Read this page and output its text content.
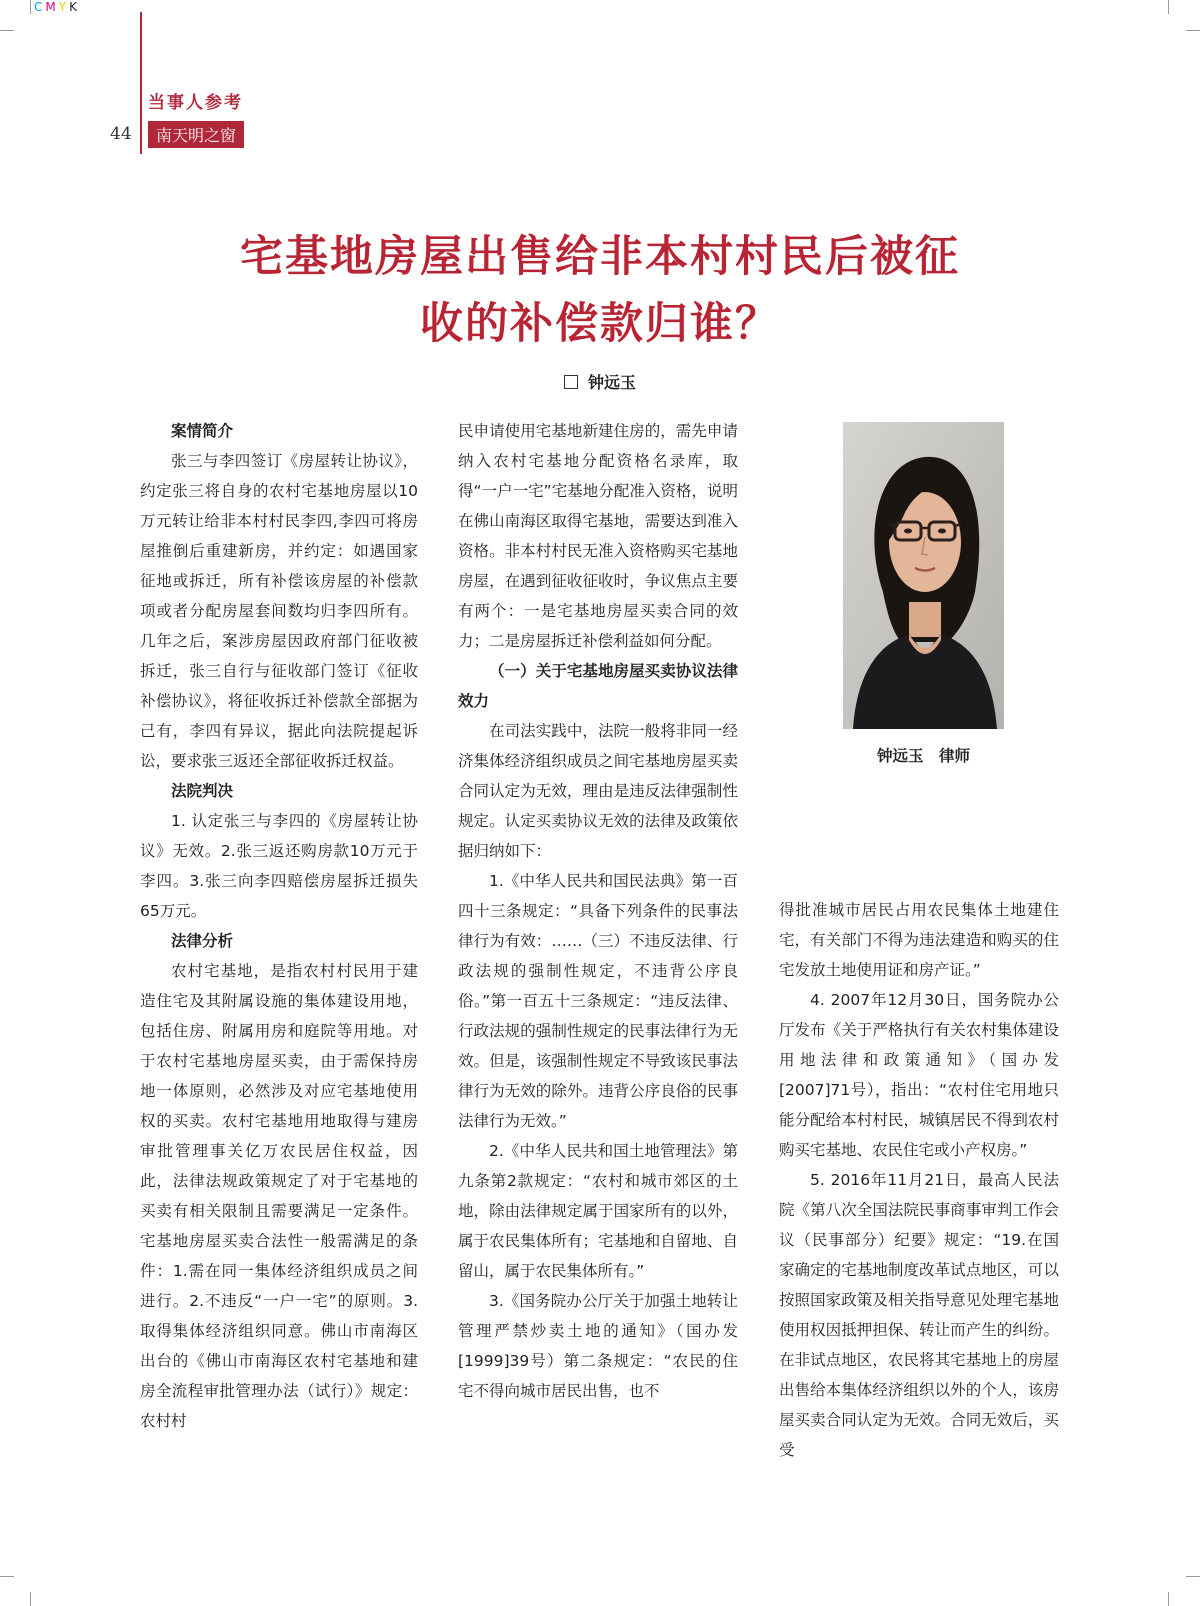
CMYK
当事人参考
44	南天明之窗
宅基地房屋出售给非本村村民后被征
收的补偿款归谁？
钟远玉
案情简介

张三与李四签订《房屋转让协议》，约定张三将自身的农村宅基地房屋以10万元转让给非本村村民李四,李四可将房屋推倒后重建新房，并约定：如遇国家征地或拆迁，所有补偿该房屋的补偿款项或者分配房屋套间数均归李四所有。几年之后，案涉房屋因政府部门征收被拆迁，张三自行与征收部门签订《征收补偿协议》，将征收拆迁补偿款全部据为己有，李四有异议，据此向法院提起诉讼，要求张三返还全部征收拆迁权益。

法院判决

1. 认定张三与李四的《房屋转让协议》无效。2.张三返还购房款10万元于李四。3.张三向李四赔偿房屋拆迁损失65万元。

法律分析

农村宅基地，是指农村村民用于建造住宅及其附属设施的集体建设用地，包括住房、附属用房和庭院等用地。对于农村宅基地房屋买卖，由于需保持房地一体原则，必然涉及对应宅基地使用权的买卖。农村宅基地用地取得与建房审批管理事关亿万农民居住权益，因此，法律法规政策规定了对于宅基地的买卖有相关限制且需要满足一定条件。宅基地房屋买卖合法性一般需满足的条件：1.需在同一集体经济组织成员之间进行。2.不违反“一户一宅”的原则。3.取得集体经济组织同意。佛山市南海区出台的《佛山市南海区农村宅基地和建房全流程审批管理办法（试行）》规定：农村村

民申请使用宅基地新建住房的，需先申请纳入农村宅基地分配资格名录库，取得“一户一宅”宅基地分配准入资格，说明在佛山南海区取得宅基地，需要达到准入资格。非本村村民无准入资格购买宅基地房屋，在遇到征收征收时，争议焦点主要有两个：一是宅基地房屋买卖合同的效力；二是房屋拆迁补偿利益如何分配。

（一）关于宅基地房屋买卖协议法律效力

在司法实践中，法院一般将非同一经济集体经济组织成员之间宅基地房屋买卖合同认定为无效，理由是违反法律强制性规定。认定买卖协议无效的法律及政策依据归纳如下：

1.《中华人民共和国民法典》第一百四十三条规定：“具备下列条件的民事法律行为有效：……（三）不违反法律、行政法规的强制性规定，不违背公序良俗。”第一百五十三条规定：“违反法律、行政法规的强制性规定的民事法律行为无效。但是，该强制性规定不导致该民事法律行为无效的除外。违背公序良俗的民事法律行为无效。”

2.《中华人民共和国土地管理法》第九条第2款规定：“农村和城市郊区的土地，除由法律规定属于国家所有的以外，属于农民集体所有；宅基地和自留地、自留山，属于农民集体所有。”

3.《国务院办公厅关于加强土地转让管理严禁炒卖土地的通知》（国办发[1999]39号）第二条规定：“农民的住宅不得向城市居民出售，也不

得批准城市居民占用农民集体土地建住宅，有关部门不得为违法建造和购买的住宅发放土地使用证和房产证。”

4. 2007年12月30日，国务院办公厅发布《关于严格执行有关农村集体建设用地法律和政策通知》（国办发[2007]71号），指出：“农村住宅用地只能分配给本村村民，城镇居民不得到农村购买宅基地、农民住宅或小产权房。”

5. 2016年11月21日，最高人民法院《第八次全国法院民事商事审判工作会议（民事部分）纪要》规定：“19.在国家确定的宅基地制度改革试点地区，可以按照国家政策及相关指导意见处理宅基地使用权因抵押担保、转让而产生的纠纷。在非试点地区，农民将其宅基地上的房屋出售给本集体经济组织以外的个人，该房屋买卖合同认定为无效。合同无效后，买受

钟远玉　律师
